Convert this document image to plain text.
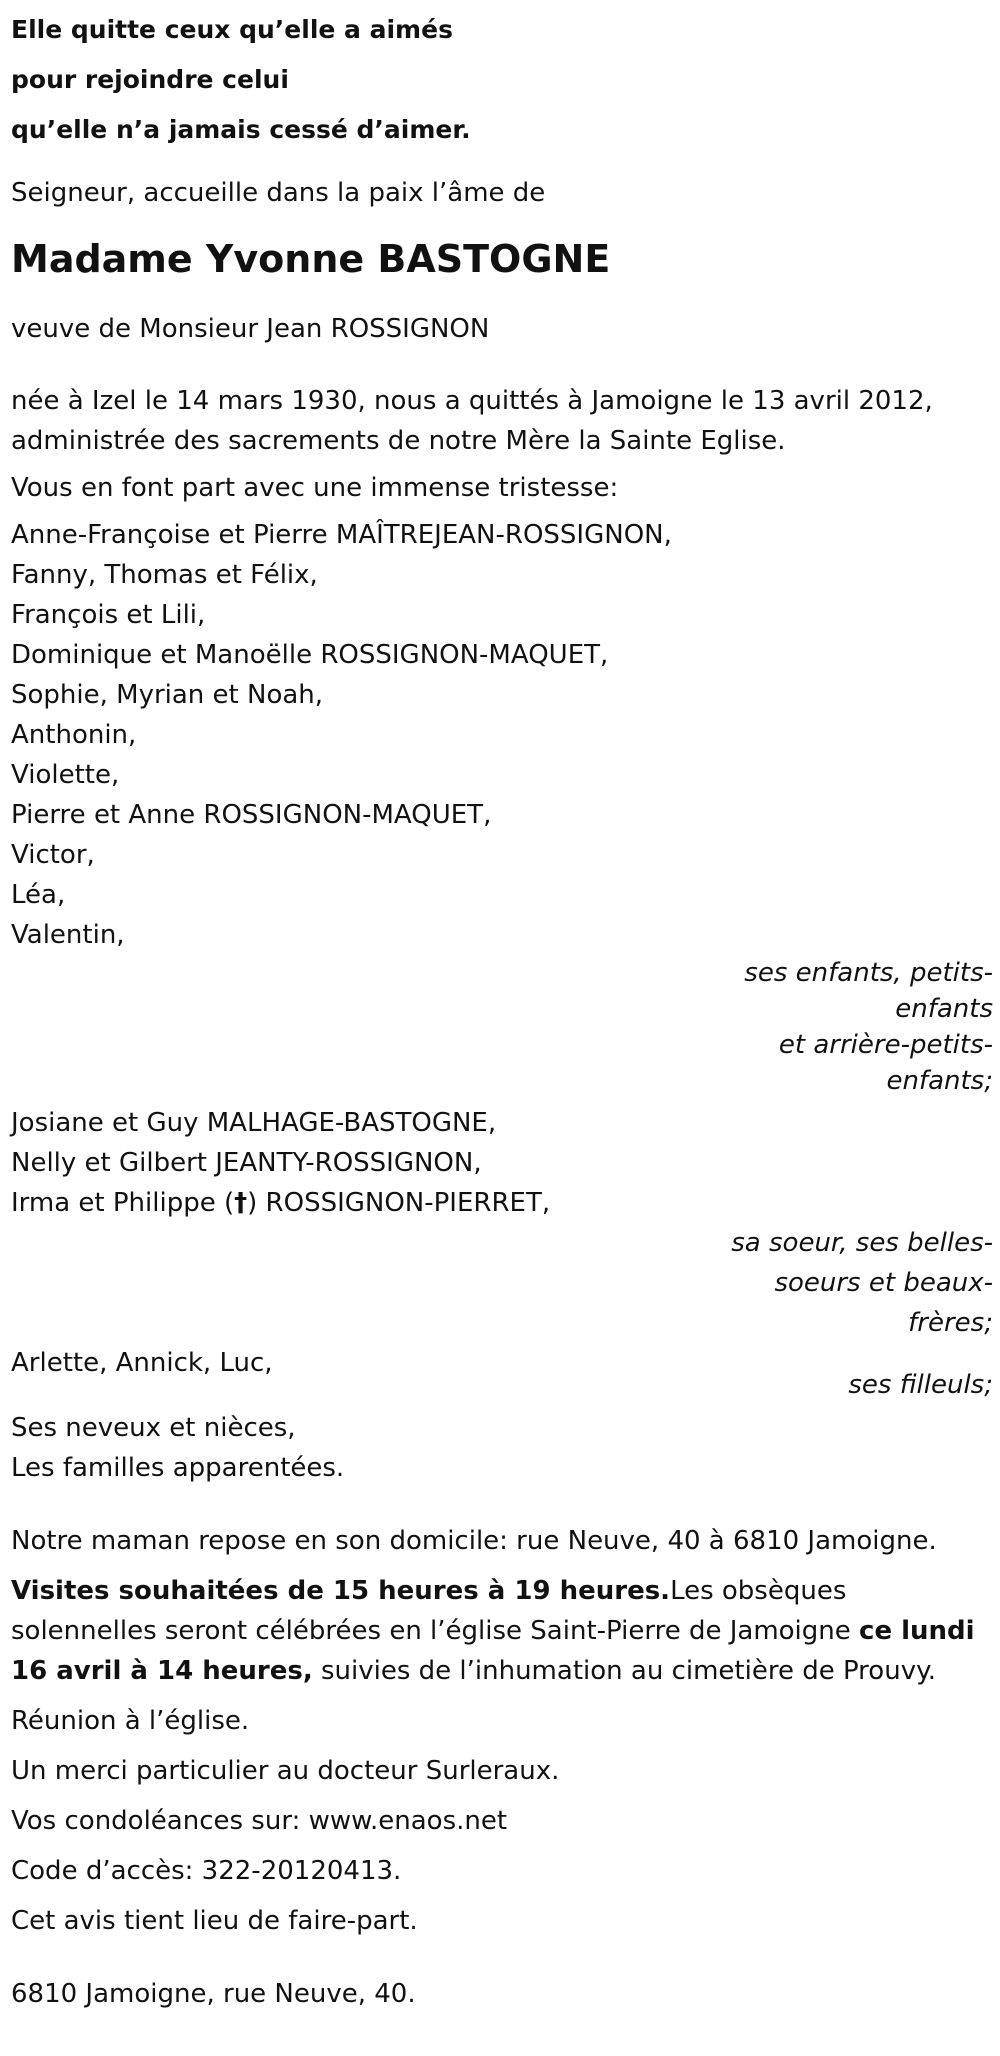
Elle quitte ceux qu’elle a aimés
pour rejoindre celui
qu’elle n’a jamais cessé d’aimer.
Seigneur, accueille dans la paix l’âme de
Madame Yvonne BASTOGNE
veuve de Monsieur Jean ROSSIGNON
née à Izel le 14 mars 1930, nous a quittés à Jamoigne le 13 avril 2012,
administrée des sacrements de notre Mère la Sainte Eglise.
Vous en font part avec une immense tristesse:
Anne-Françoise et Pierre MAÎTREJEAN-ROSSIGNON,
Fanny, Thomas et Félix,
François et Lili,
Dominique et Manoëlle ROSSIGNON-MAQUET,
Sophie, Myrian et Noah,
Anthonin,
Violette,
Pierre et Anne ROSSIGNON-MAQUET,
Victor,
Léa,
Valentin,
ses enfants, petits-
enfants
et arrière-petits-
enfants;
Josiane et Guy MALHAGE-BASTOGNE,
Nelly et Gilbert JEANTY-ROSSIGNON,
Irma et Philippe (†) ROSSIGNON-PIERRET,
sa soeur, ses belles-
soeurs et beaux-
frères;
Arlette, Annick, Luc,
ses filleuls;
Ses neveux et nièces,
Les familles apparentées.
Notre maman repose en son domicile: rue Neuve, 40 à 6810 Jamoigne.
Visites souhaitées de 15 heures à 19 heures.Les obsèques solennelles seront célébrées en l’église Saint-Pierre de Jamoigne ce lundi 16 avril à 14 heures, suivies de l’inhumation au cimetière de Prouvy.
Réunion à l’église.
Un merci particulier au docteur Surleraux.
Vos condoléances sur: www.enaos.net
Code d’accès: 322-20120413.
Cet avis tient lieu de faire-part.
6810 Jamoigne, rue Neuve, 40.
